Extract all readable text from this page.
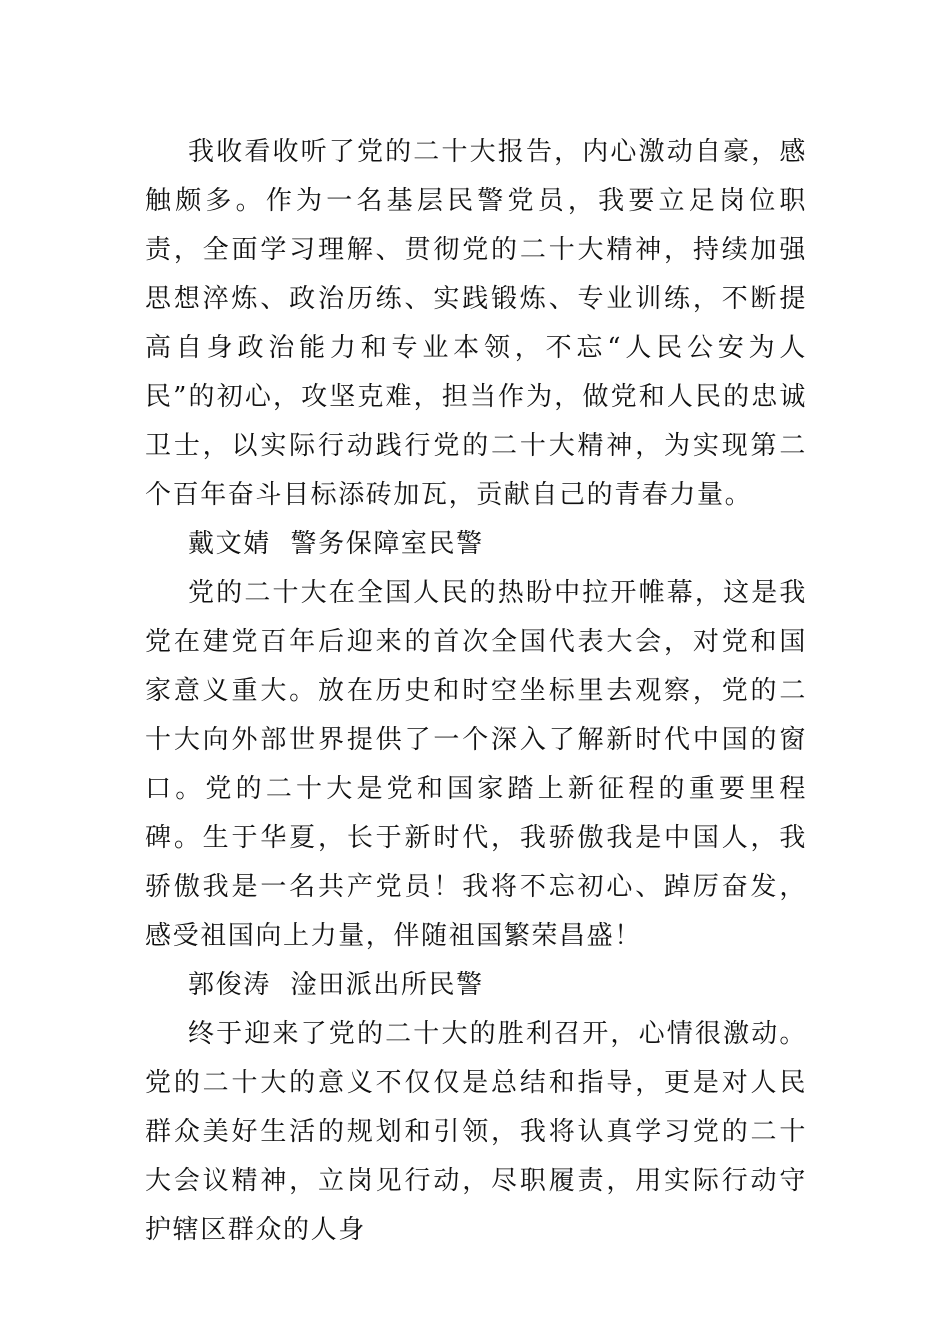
我收看收听了党的二十大报告，内心激动自豪，感触颇多。作为一名基层民警党员，我要立足岗位职责，全面学习理解、贯彻党的二十大精神，持续加强思想淬炼、政治历练、实践锻炼、专业训练，不断提高自身政治能力和专业本领，不忘“人民公安为人民”的初心，攻坚克难，担当作为，做党和人民的忠诚卫士，以实际行动践行党的二十大精神，为实现第二个百年奋斗目标添砖加瓦，贡献自己的青春力量。

戴文婧  警务保障室民警

党的二十大在全国人民的热盼中拉开帷幕，这是我党在建党百年后迎来的首次全国代表大会，对党和国家意义重大。放在历史和时空坐标里去观察，党的二十大向外部世界提供了一个深入了解新时代中国的窗口。党的二十大是党和国家踏上新征程的重要里程碑。生于华夏，长于新时代，我骄傲我是中国人，我骄傲我是一名共产党员！我将不忘初心、踔厉奋发，感受祖国向上力量，伴随祖国繁荣昌盛！

郭俊涛  淦田派出所民警

终于迎来了党的二十大的胜利召开，心情很激动。党的二十大的意义不仅仅是总结和指导，更是对人民群众美好生活的规划和引领，我将认真学习党的二十大会议精神，立岗见行动，尽职履责，用实际行动守护辖区群众的人身
